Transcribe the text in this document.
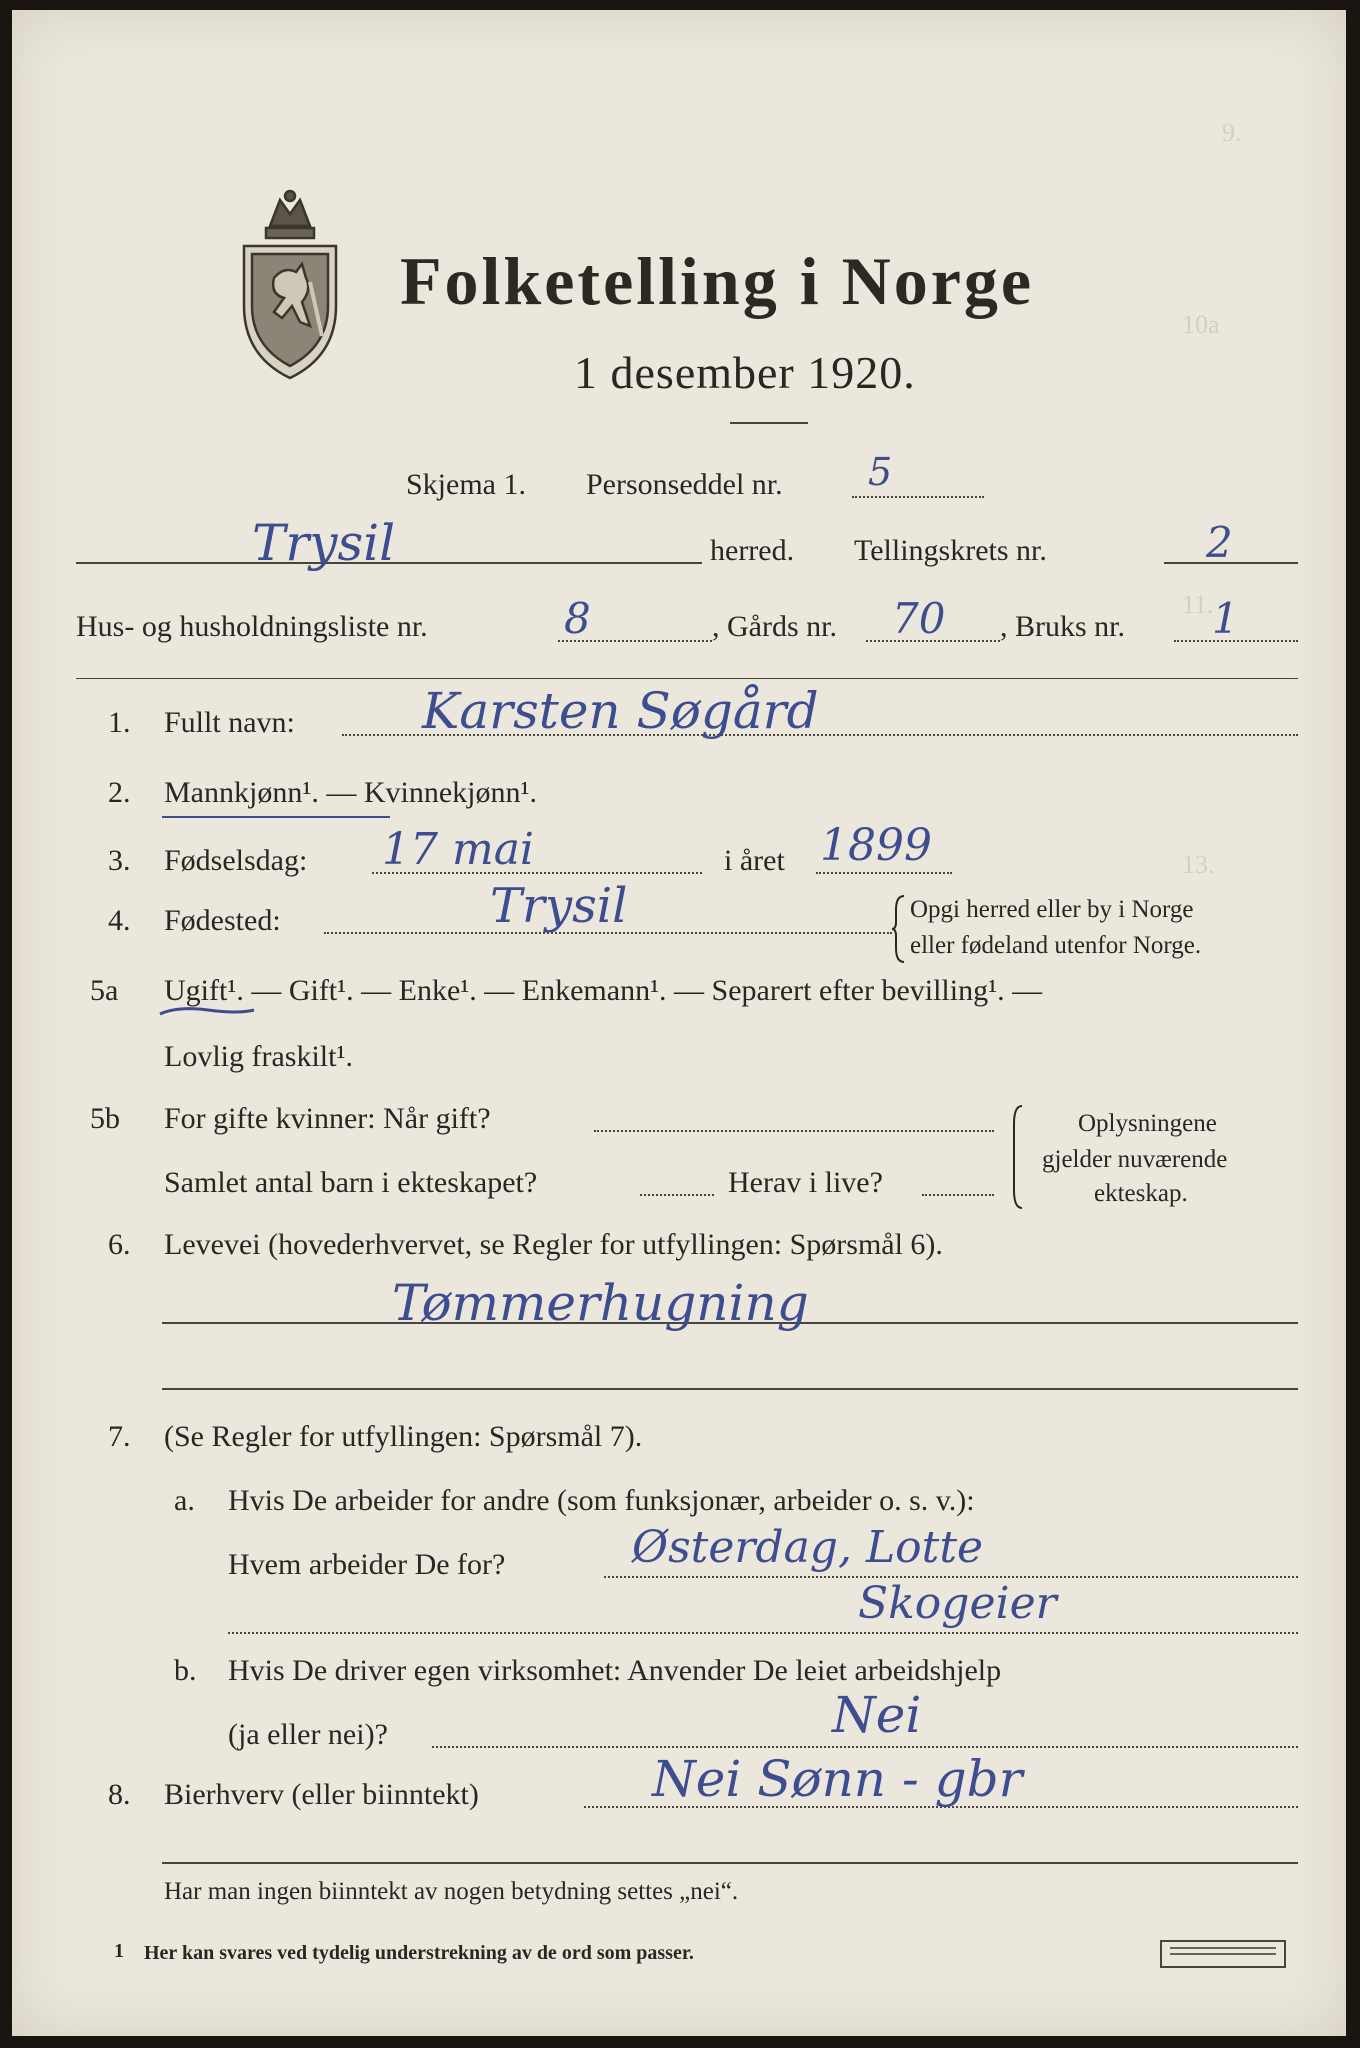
9.
10a
11.
13.
Folketelling i Norge
1 desember 1920.
Skjema 1. Personseddel nr. 5
Trysil	herred. Tellingskrets nr.	2
Hus- og husholdningsliste nr.	8	, Gårds nr. 70 , Bruks nr. 1
1. Fullt navn:	Karsten Søgård
2. Mannkjønn¹. — Kvinnekjønn¹.
3. Fødselsdag: 17 mai	i året 1899
4. Fødested:	Trysil	Opgi herred eller by i Norge
eller fødeland utenfor Norge.
5a Ugift¹. — Gift¹. — Enke¹. — Enkemann¹. — Separert efter bevilling¹. —
Lovlig fraskilt¹.
5b For gifte kvinner: Når gift?
Samlet antal barn i ekteskapet?	Herav i live?
Oplysningene
gjelder nuværende
ekteskap.
6. Levevei (hovederhvervet, se Regler for utfyllingen: Spørsmål 6).
Tømmerhugning
7. (Se Regler for utfyllingen: Spørsmål 7).
a. Hvis De arbeider for andre (som funksjonær, arbeider o. s. v.):
Hvem arbeider De for?	Østerdag, Lotte
Skogeier
b. Hvis De driver egen virksomhet: Anvender De leiet arbeidshjelp
(ja eller nei)?	Nei
8. Bierhverv (eller biinntekt)	Nei Sønn - gbr
Har man ingen biinntekt av nogen betydning settes „nei“.
1 Her kan svares ved tydelig understrekning av de ord som passer.
